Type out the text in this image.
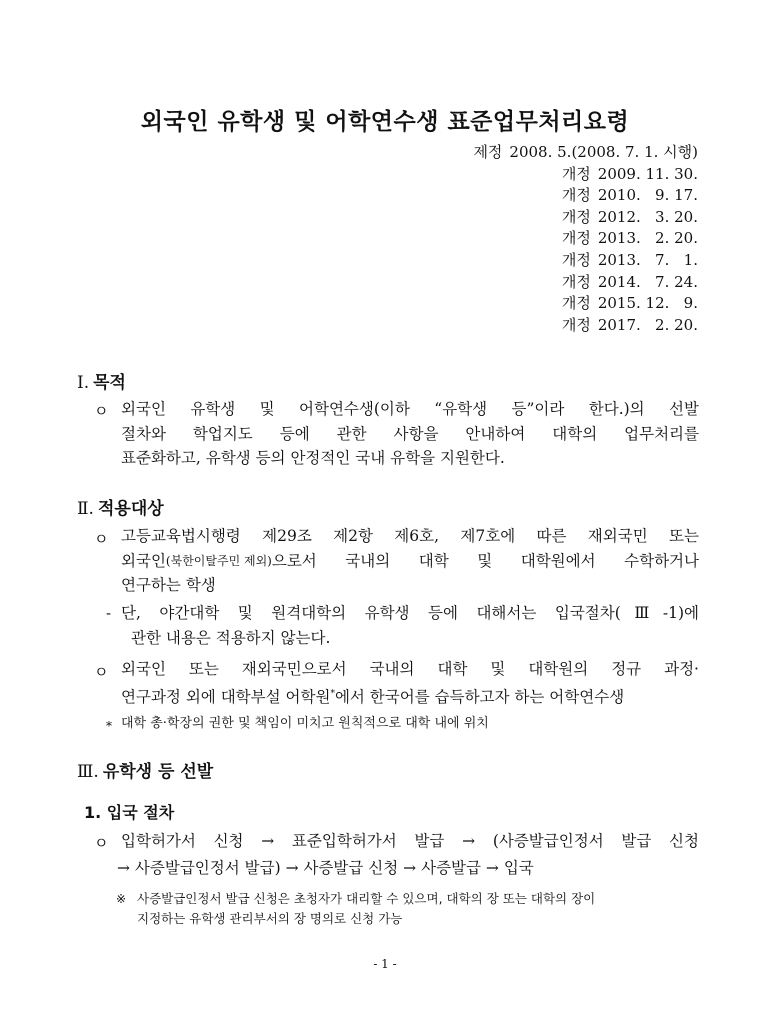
외국인 유학생 및 어학연수생 표준업무처리요령
제정 2008. 5.(2008. 7. 1. 시행)
개정 2009. 11. 30.
개정 2010.   9. 17.
개정 2012.   3. 20.
개정 2013.   2. 20.
개정 2013.   7.   1.
개정 2014.   7. 24.
개정 2015. 12.   9.
개정 2017.   2. 20.
Ⅰ. 목적
ㅇ 외국인 유학생 및 어학연수생(이하 “유학생 등”이라 한다.)의 선발
절차와 학업지도 등에 관한 사항을 안내하여 대학의 업무처리를
표준화하고, 유학생 등의 안정적인 국내 유학을 지원한다.
Ⅱ. 적용대상
ㅇ 고등교육법시행령 제29조 제2항 제6호, 제7호에 따른 재외국민 또는
외국인 (북한이탈주민 제외) 으로서 국내의 대학 및 대학원에서 수학하거나
연구하는 학생
- 단, 야간대학 및 원격대학의 유학생 등에 대해서는 입국절차(Ⅲ-1)에
관한 내용은 적용하지 않는다.
ㅇ 외국인 또는 재외국민으로서 국내의 대학 및 대학원의 정규 과정·
연구과정 외에 대학부설 어학원*에서 한국어를 습득하고자 하는 어학연수생
* 대학 총·학장의 권한 및 책임이 미치고 원칙적으로 대학 내에 위치
Ⅲ. 유학생 등 선발
1. 입국 절차
ㅇ 입학허가서 신청 → 표준입학허가서 발급 → (사증발급인정서 발급 신청
→ 사증발급인정서 발급) → 사증발급 신청 → 사증발급 → 입국
※ 사증발급인정서 발급 신청은 초청자가 대리할 수 있으며, 대학의 장 또는 대학의 장이
지정하는 유학생 관리부서의 장 명의로 신청 가능
- 1 -
